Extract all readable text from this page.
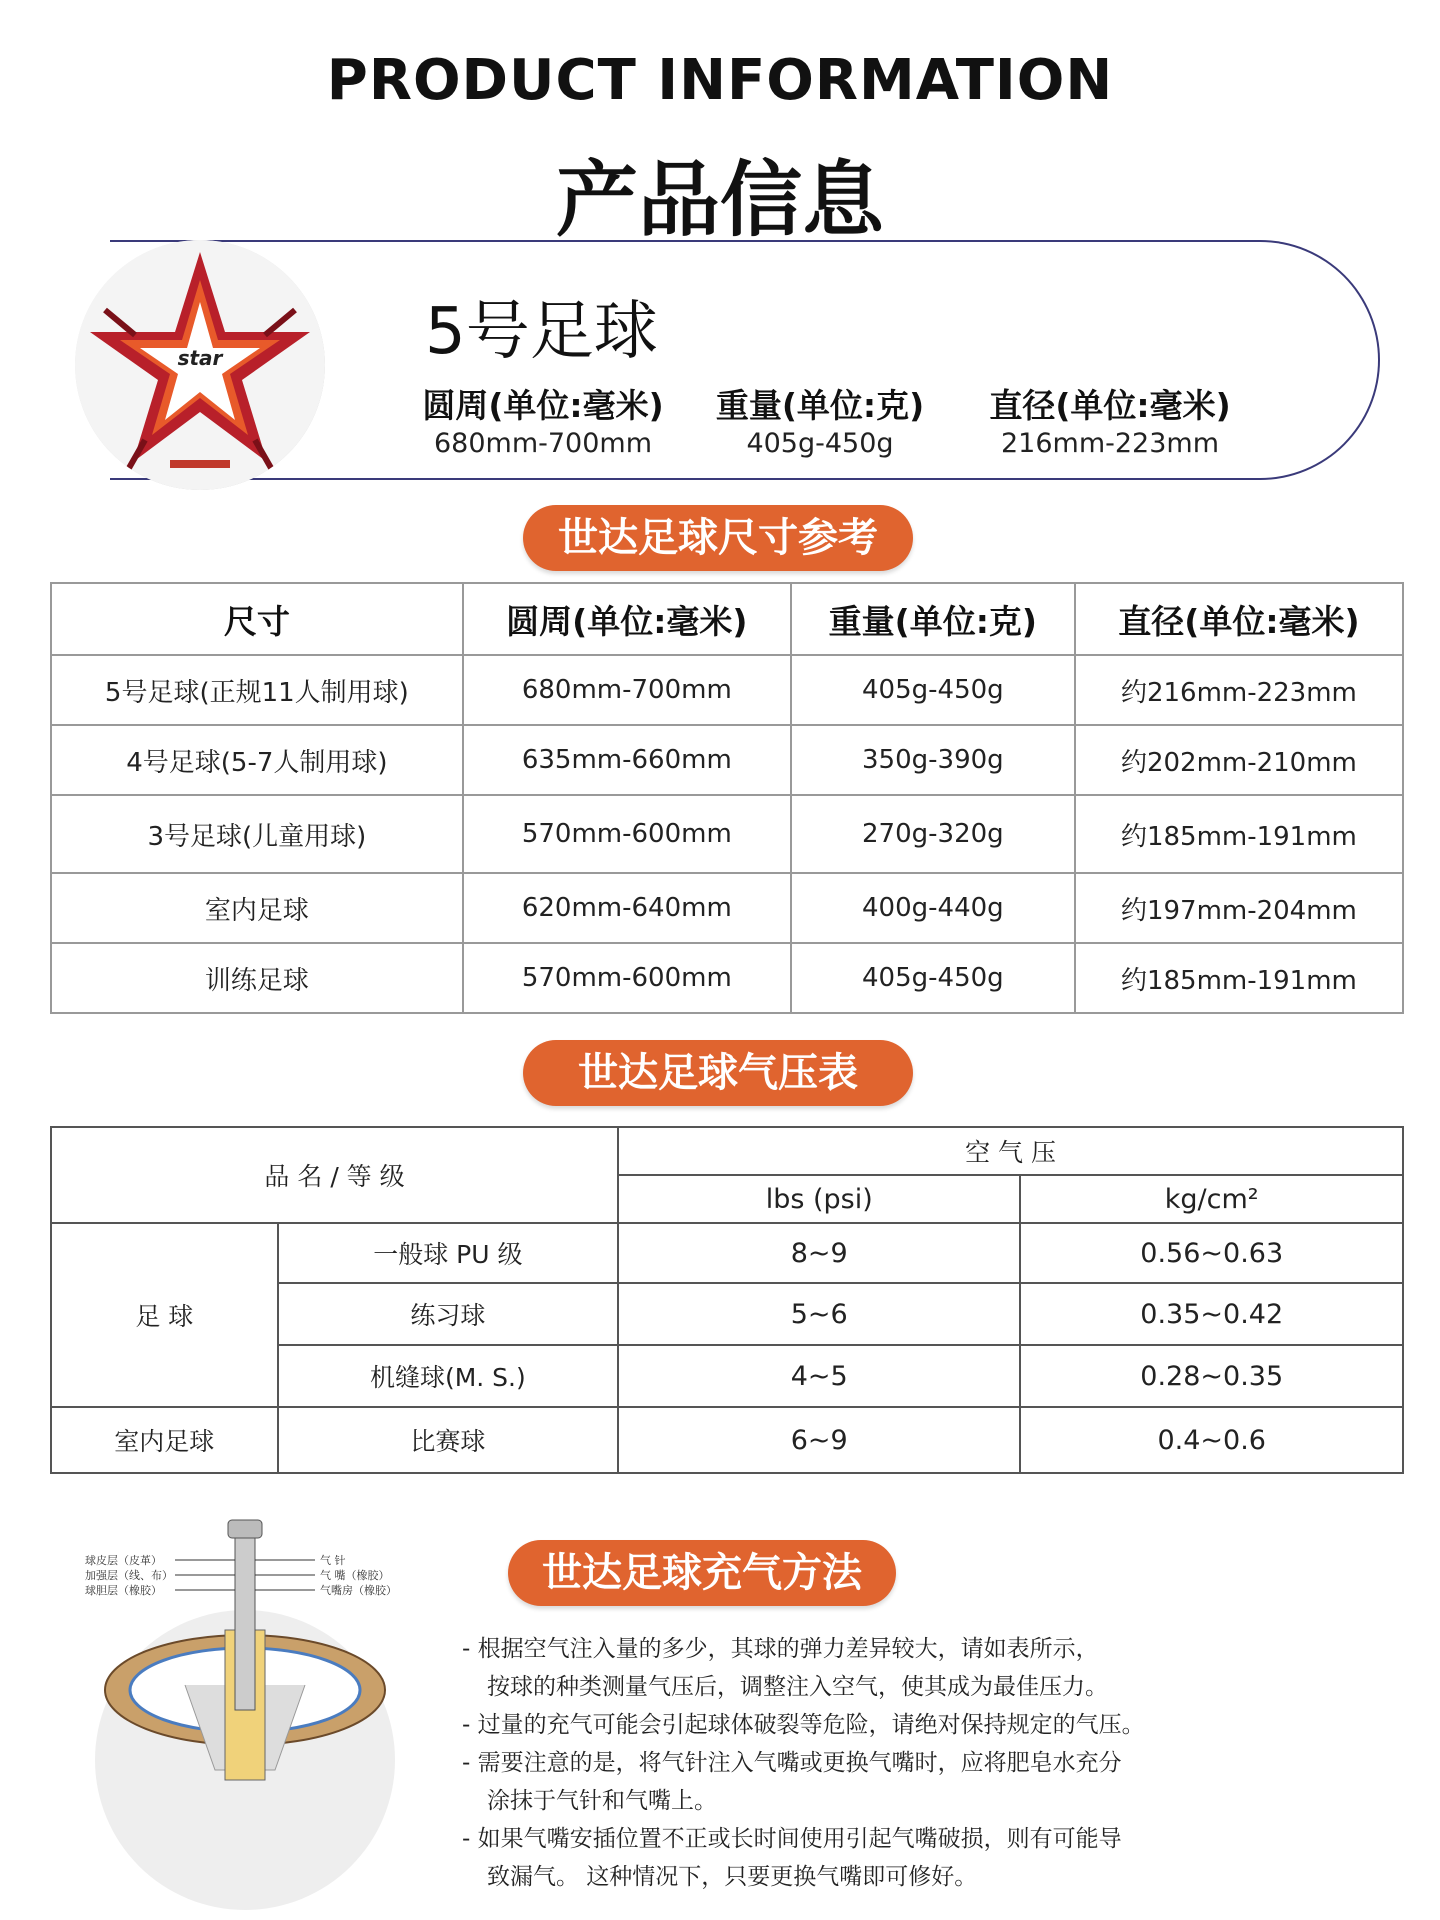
PRODUCT INFORMATION
产品信息
star	5号足球
圆周(单位:毫米)	重量(单位:克)	直径(单位:毫米)
680mm-700mm	405g-450g	216mm-223mm
世达足球尺寸参考
尺寸	圆周(单位:毫米)	重量(单位:克)	直径(单位:毫米)
5号足球(正规11人制用球)	680mm-700mm	405g-450g	约216mm-223mm
4号足球(5-7人制用球)	635mm-660mm	350g-390g	约202mm-210mm
3号足球(儿童用球)	570mm-600mm	270g-320g	约185mm-191mm
室内足球	620mm-640mm	400g-440g	约197mm-204mm
训练足球	570mm-600mm	405g-450g	约185mm-191mm
世达足球气压表
品 名 / 等 级		空 气 压	
		lbs (psi)	kg/cm²
足 球	一般球 PU 级	8~9	0.56~0.63
	练习球	5~6	0.35~0.42
	机缝球(M. S.)	4~5	0.28~0.35
室内足球	比赛球	6~9	0.4~0.6
世达足球充气方法
球皮层（皮革）
加强层（线、布）
球胆层（橡胶）
气 针
气 嘴（橡胶）
气嘴房（橡胶）
- 根据空气注入量的多少，其球的弹力差异较大，请如表所示，
按球的种类测量气压后，调整注入空气，使其成为最佳压力。
- 过量的充气可能会引起球体破裂等危险，请绝对保持规定的气压。
- 需要注意的是，将气针注入气嘴或更换气嘴时，应将肥皂水充分
涂抹于气针和气嘴上。
- 如果气嘴安插位置不正或长时间使用引起气嘴破损，则有可能导
致漏气。 这种情况下，只要更换气嘴即可修好。
